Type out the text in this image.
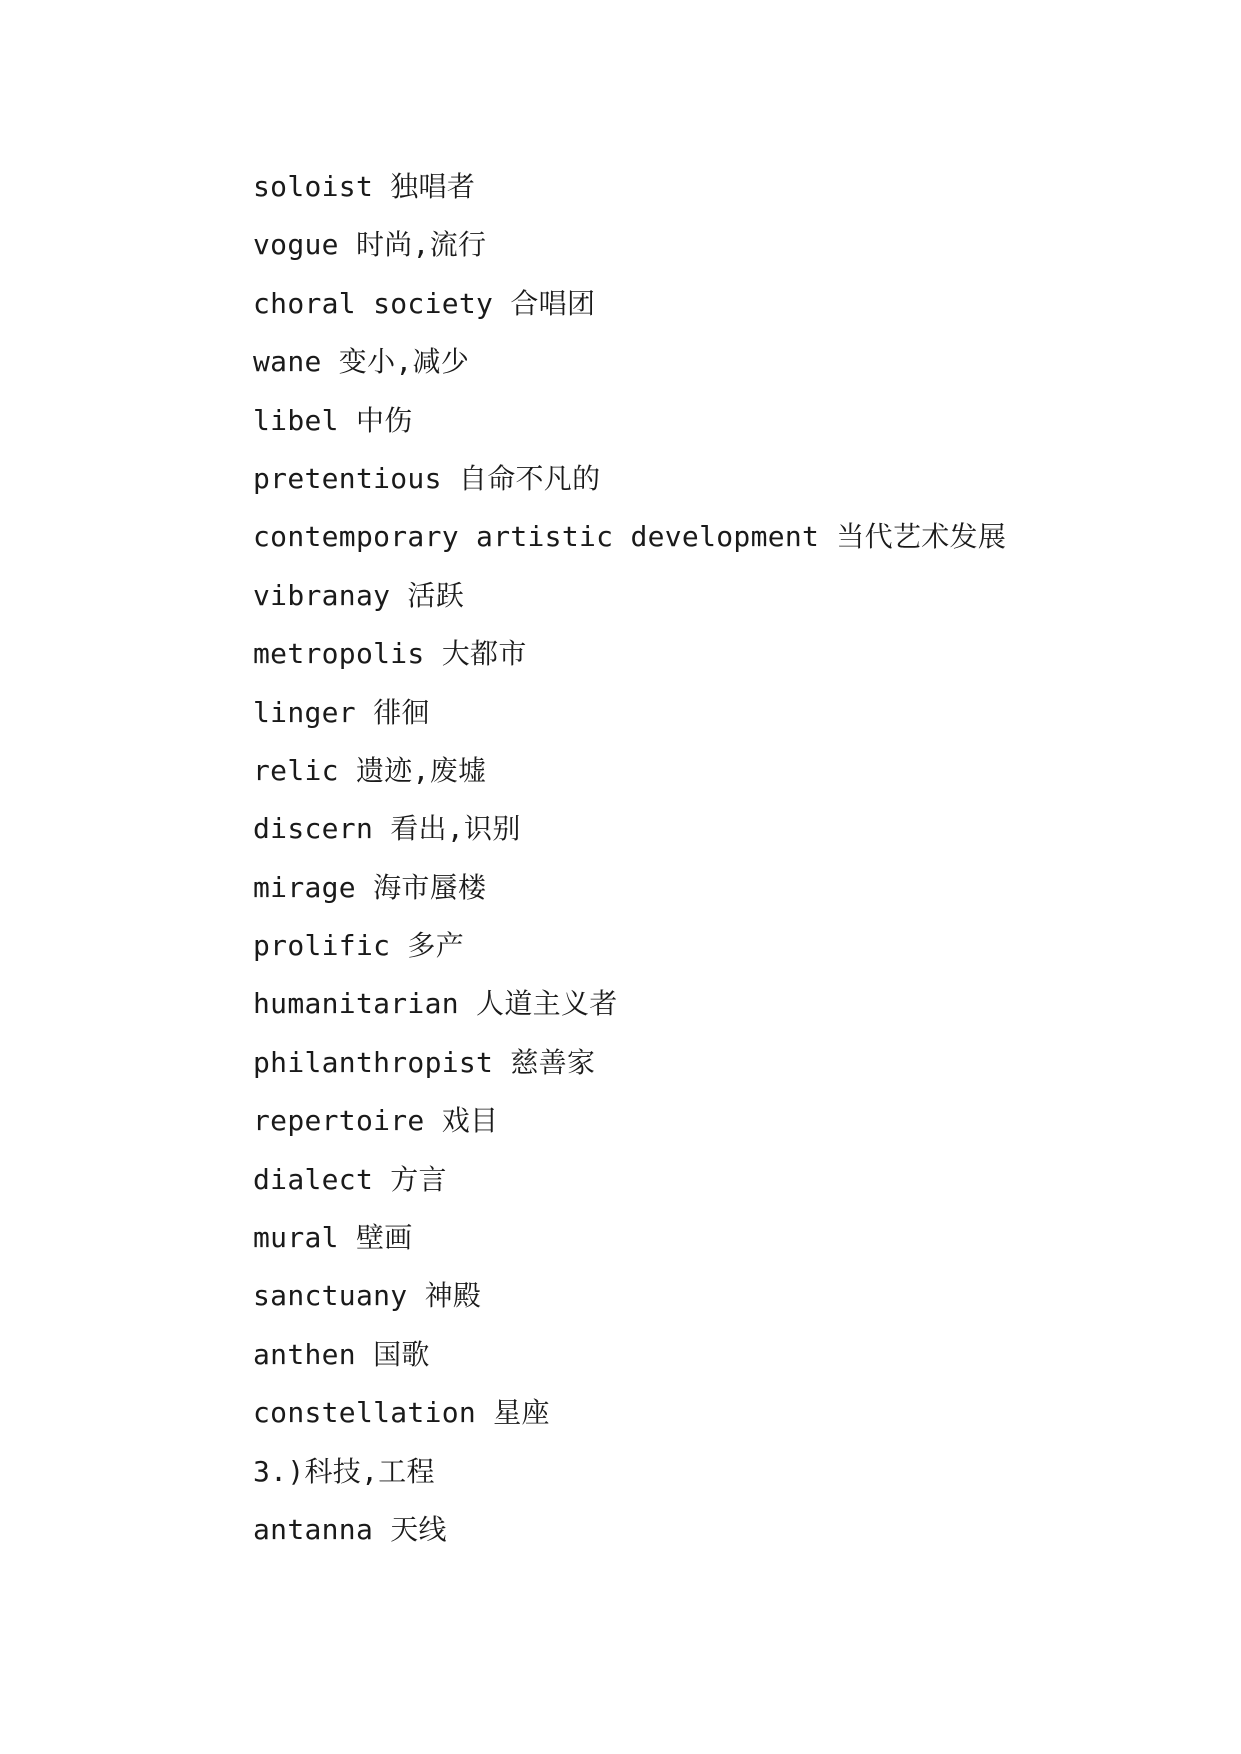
soloist 独唱者
vogue 时尚,流行
choral society 合唱团
wane 变小,减少
libel 中伤
pretentious 自命不凡的
contemporary artistic development 当代艺术发展
vibranay 活跃
metropolis 大都市
linger 徘徊
relic 遗迹,废墟
discern 看出,识别
mirage 海市蜃楼
prolific 多产
humanitarian 人道主义者
philanthropist 慈善家
repertoire 戏目
dialect 方言
mural 壁画
sanctuany 神殿
anthen 国歌
constellation 星座
3.)科技,工程
antanna 天线
